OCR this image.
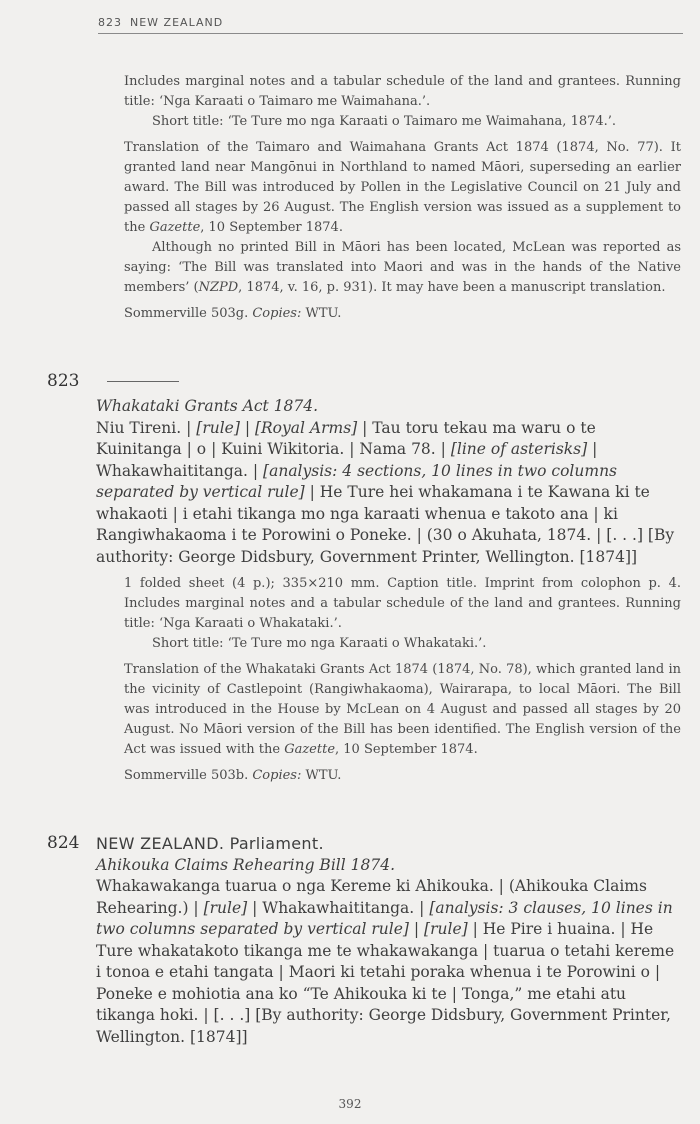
823 NEW ZEALAND

Includes marginal notes and a tabular schedule of the land and grantees. Running title: ‘Nga Karaati o Taimaro me Waimahana.’.

Short title: ‘Te Ture mo nga Karaati o Taimaro me Waimahana, 1874.’.

Translation of the Taimaro and Waimahana Grants Act 1874 (1874, No. 77). It granted land near Mangōnui in Northland to named Māori, superseding an earlier award. The Bill was introduced by Pollen in the Legislative Council on 21 July and passed all stages by 26 August. The English version was issued as a supplement to the Gazette, 10 September 1874.

Although no printed Bill in Māori has been located, McLean was reported as saying: ‘The Bill was translated into Maori and was in the hands of the Native members’ (NZPD, 1874, v. 16, p. 931). It may have been a manuscript translation.

Sommerville 503g. Copies: WTU.

823
Whakataki Grants Act 1874.
Niu Tireni. | [rule] | [Royal Arms] | Tau toru tekau ma waru o te Kuinitanga | o | Kuini Wikitoria. | Nama 78. | [line of asterisks] | Whakawhaititanga. | [analysis: 4 sections, 10 lines in two columns separated by vertical rule] | He Ture hei whakamana i te Kawana ki te whakaoti | i etahi tikanga mo nga karaati whenua e takoto ana | ki Rangiwhakaoma i te Porowini o Poneke. | (30 o Akuhata, 1874. | [. . .] [By authority: George Didsbury, Government Printer, Wellington. [1874]]

1 folded sheet (4 p.); 335×210 mm. Caption title. Imprint from colophon p. 4. Includes marginal notes and a tabular schedule of the land and grantees. Running title: ‘Nga Karaati o Whakataki.’.

Short title: ‘Te Ture mo nga Karaati o Whakataki.’.

Translation of the Whakataki Grants Act 1874 (1874, No. 78), which granted land in the vicinity of Castlepoint (Rangiwhakaoma), Wairarapa, to local Māori. The Bill was introduced in the House by McLean on 4 August and passed all stages by 20 August. No Māori version of the Bill has been identified. The English version of the Act was issued with the Gazette, 10 September 1874.

Sommerville 503b. Copies: WTU.

824 NEW ZEALAND. Parliament.
Ahikouka Claims Rehearing Bill 1874.
Whakawakanga tuarua o nga Kereme ki Ahikouka. | (Ahikouka Claims Rehearing.) | [rule] | Whakawhaititanga. | [analysis: 3 clauses, 10 lines in two columns separated by vertical rule] | [rule] | He Pire i huaina. | He Ture whakatakoto tikanga me te whakawakanga | tuarua o tetahi kereme i tonoa e etahi tangata | Maori ki tetahi poraka whenua i te Porowini o | Poneke e mohiotia ana ko “Te Ahikouka ki te | Tonga,” me etahi atu tikanga hoki. | [. . .] [By authority: George Didsbury, Government Printer, Wellington. [1874]]
392
